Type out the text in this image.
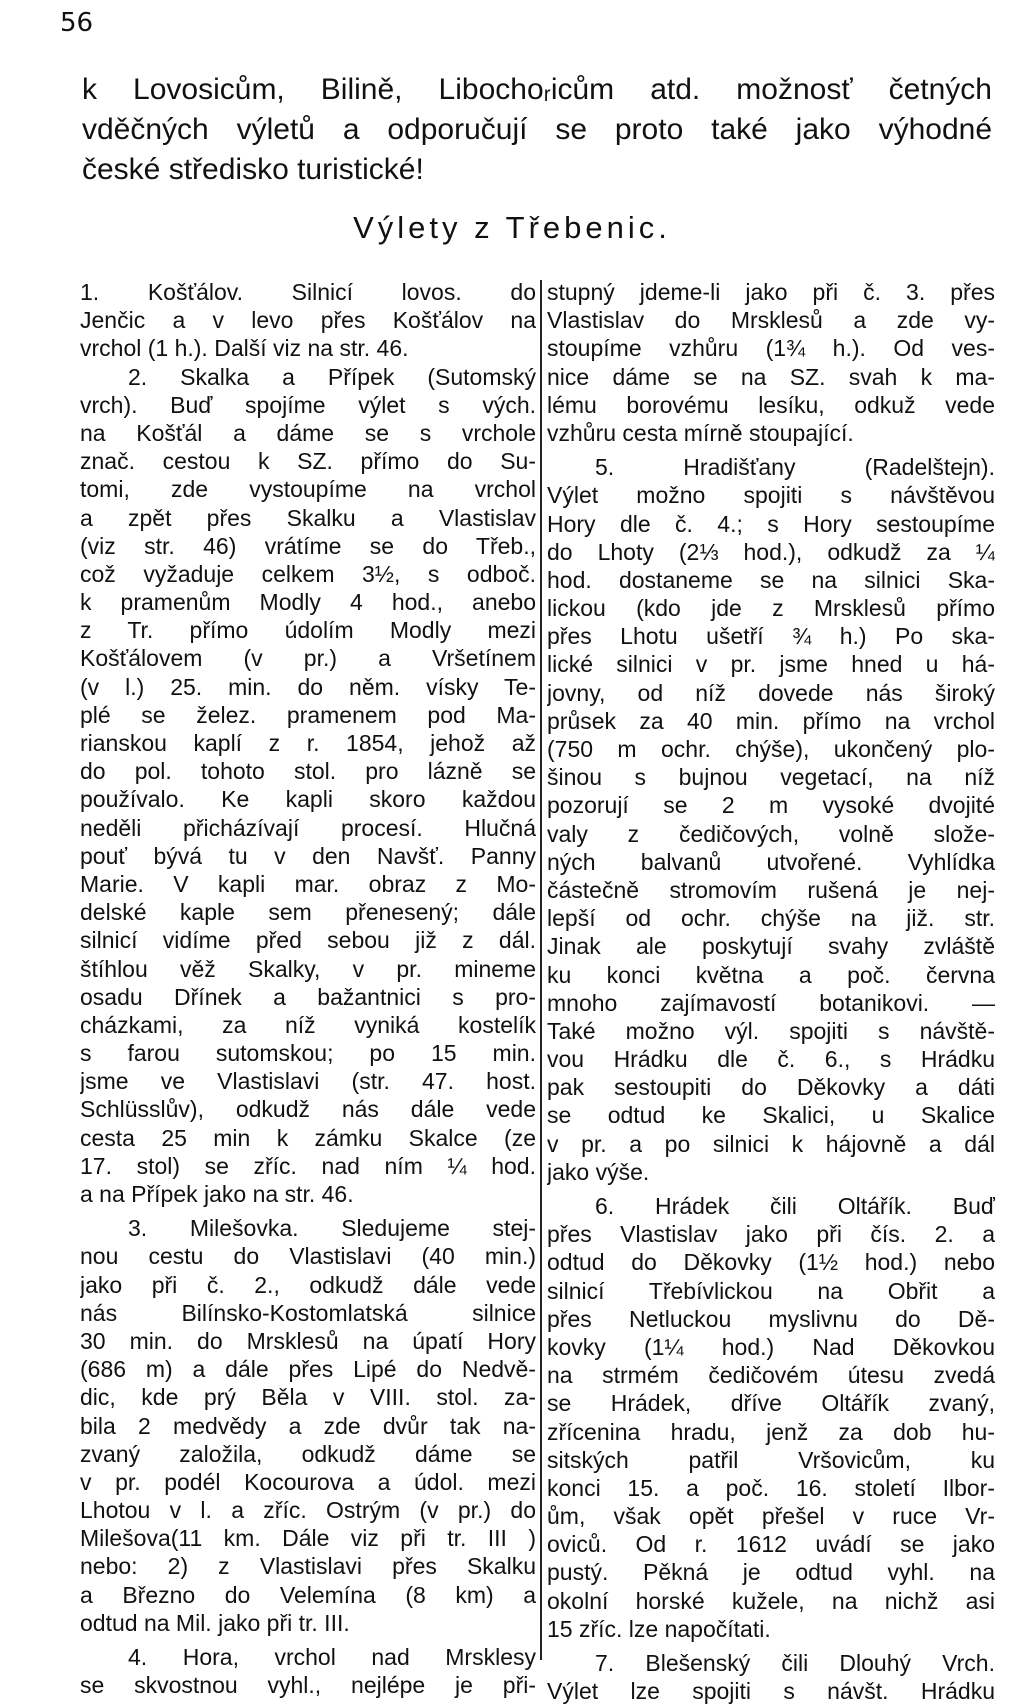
56
k Lovosicům, Bilině, Libochoᵣicům atd. možnosť četných
vděčných výletů a odporučují se proto také jako výhodné
české středisko turistické!
Výlety z Třebenic.
1. Košťálov. Silnicí lovos. do
Jenčic a v levo přes Košťálov na
vrchol (1 h.). Další viz na str. 46.
2. Skalka a Přípek (Sutomský
vrch). Buď spojíme výlet s vých.
na Košťál a dáme se s vrchole
znač. cestou k SZ. přímo do Su-
tomi, zde vystoupíme na vrchol
a zpět přes Skalku a Vlastislav
(viz str. 46) vrátíme se do Třeb.,
což vyžaduje celkem 3½, s odboč.
k pramenům Modly 4 hod., anebo
z Tr. přímo údolím Modly mezi
Košťálovem (v pr.) a Vršetínem
(v l.) 25. min. do něm. vísky Te-
plé se želez. pramenem pod Ma-
rianskou kaplí z r. 1854, jehož až
do pol. tohoto stol. pro lázně se
používalo. Ke kapli skoro každou
neděli přicházívají procesí. Hlučná
pouť bývá tu v den Navšť. Panny
Marie. V kapli mar. obraz z Mo-
delské kaple sem přenesený; dále
silnicí vidíme před sebou již z dál.
štíhlou věž Skalky, v pr. mineme
osadu Dřínek a bažantnici s pro-
cházkami, za níž vyniká kostelík
s farou sutomskou; po 15 min.
jsme ve Vlastislavi (str. 47. host.
Schlüsslův), odkudž nás dále vede
cesta 25 min k zámku Skalce (ze
17. stol) se zříc. nad ním ¼ hod.
a na Přípek jako na str. 46.
3. Milešovka. Sledujeme stej-
nou cestu do Vlastislavi (40 min.)
jako při č. 2., odkudž dále vede
nás Bilínsko-Kostomlatská silnice
30 min. do Mrsklesů na úpatí Hory
(686 m) a dále přes Lipé do Nedvě-
dic, kde prý Běla v VIII. stol. za-
bila 2 medvědy a zde dvůr tak na-
zvaný založila, odkudž dáme se
v pr. podél Kocourova a údol. mezi
Lhotou v l. a zříc. Ostrým (v pr.) do
Milešova(11 km. Dále viz při tr. III )
nebo: 2) z Vlastislavi přes Skalku
a Březno do Velemína (8 km) a
odtud na Mil. jako při tr. III.
4. Hora, vrchol nad Mrsklesy
se skvostnou vyhl., nejlépe je při-
stupný jdeme-li jako při č. 3. přes
Vlastislav do Mrsklesů a zde vy-
stoupíme vzhůru (1¾ h.). Od ves-
nice dáme se na SZ. svah k ma-
lému borovému lesíku, odkuž vede
vzhůru cesta mírně stoupající.
5. Hradišťany (Radelštejn).
Výlet možno spojiti s návštěvou
Hory dle č. 4.; s Hory sestoupíme
do Lhoty (2⅓ hod.), odkudž za ¼
hod. dostaneme se na silnici Ska-
lickou (kdo jde z Mrsklesů přímo
přes Lhotu ušetří ¾ h.) Po ska-
lické silnici v pr. jsme hned u há-
jovny, od níž dovede nás široký
průsek za 40 min. přímo na vrchol
(750 m ochr. chýše), ukončený plo-
šinou s bujnou vegetací, na níž
pozorují se 2 m vysoké dvojité
valy z čedičových, volně slože-
ných balvanů utvořené. Vyhlídka
částečně stromovím rušená je nej-
lepší od ochr. chýše na již. str.
Jinak ale poskytují svahy zvláště
ku konci května a poč. června
mnoho zajímavostí botanikovi. —
Také možno výl. spojiti s návště-
vou Hrádku dle č. 6., s Hrádku
pak sestoupiti do Děkovky a dáti
se odtud ke Skalici, u Skalice
v pr. a po silnici k hájovně a dál
jako výše.
6. Hrádek čili Oltářík. Buď
přes Vlastislav jako při čís. 2. a
odtud do Děkovky (1½ hod.) nebo
silnicí Třebívlickou na Obřit a
přes Netluckou myslivnu do Dě-
kovky (1¼ hod.) Nad Děkovkou
na strmém čedičovém útesu zvedá
se Hrádek, dříve Oltářík zvaný,
zřícenina hradu, jenž za dob hu-
sitských patřil Vršovicům, ku
konci 15. a poč. 16. století Ilbor-
ům, však opět přešel v ruce Vr-
oviců. Od r. 1612 uvádí se jako
pustý. Pěkná je odtud vyhl. na
okolní horské kužele, na nichž asi
15 zříc. lze napočítati.
7. Blešenský čili Dlouhý Vrch.
Výlet lze spojiti s návšt. Hrádku
